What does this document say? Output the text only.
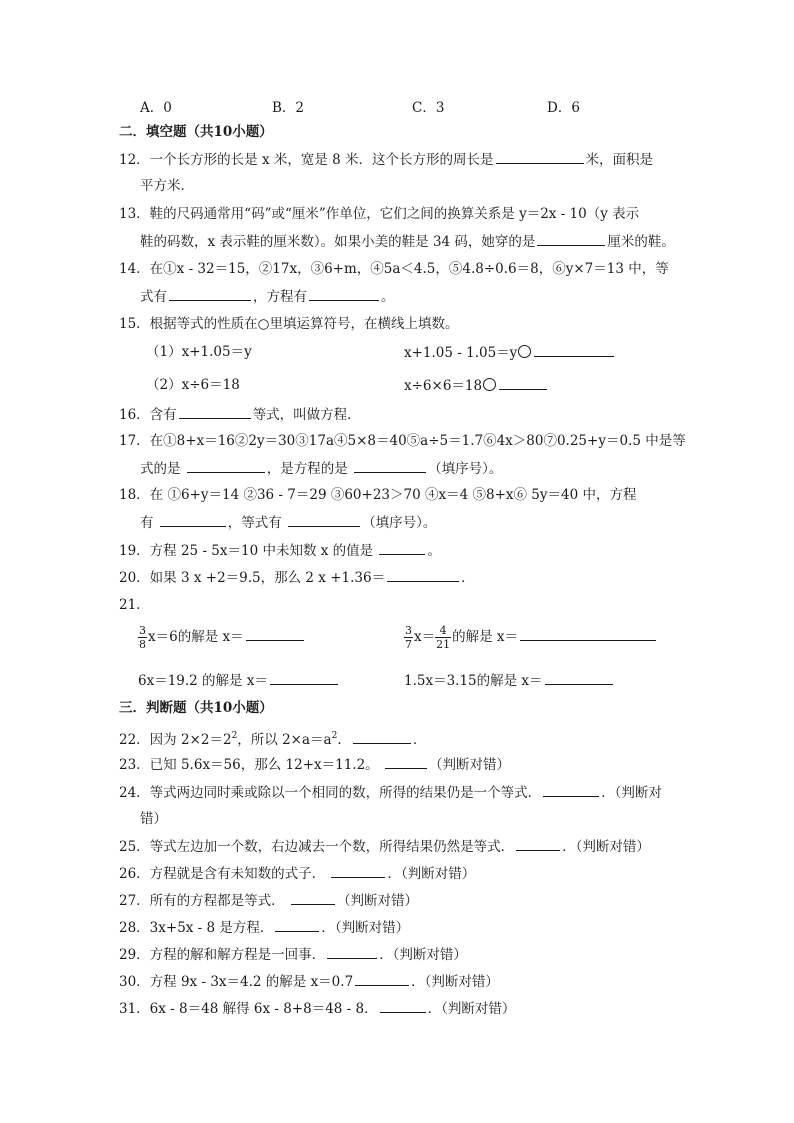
A．0	B．2	C．3	D．6
二．填空题（共10小题）
12．一个长方形的长是 x 米，宽是 8 米．这个长方形的周长是	米，面积是
平方米．
13．鞋的尺码通常用“码”或“厘米”作单位，它们之间的换算关系是 y＝2x - 10（y 表示
鞋的码数，x 表示鞋的厘米数）。如果小美的鞋是 34 码，她穿的是	厘米的鞋。
14．在①x - 32＝15，②17x，③6+m，④5a＜4.5，⑤4.8÷0.6＝8，⑥y×7＝13 中，等
式有	，方程有	。
15．根据等式的性质在○里填运算符号，在横线上填数。
（1）x+1.05＝y	x+1.05 - 1.05＝y
（2）x÷6＝18	x÷6×6＝18
16．含有	等式，叫做方程．
17．在①8+x＝16②2y＝30③17a④5×8＝40⑤a÷5＝1.7⑥4x＞80⑦0.25+y＝0.5 中是等
式的是	，是方程的是	（填序号）。
18．在 ①6+y＝14 ②36 - 7＝29 ③60+23＞70 ④x＝4 ⑤8+x⑥ 5y＝40 中，方程
有	，等式有	（填序号）。
19．方程 25 - 5x＝10 中未知数 x 的值是	。
20．如果 3 x +2＝9.5，那么 2 x +1.36＝	．
21．
$\frac{3}{8} x=6$的解是 x＝	$\frac{3}{7} x= \frac{4}{21}$ 的解是 x＝
6x＝19.2 的解是 x＝	1.5x＝3.15的解是 x＝
三．判断题（共10小题）
22．因为 $2\times 2=2^2$，所以 $2\times a=a^2$．	．
23．已知 5.6x＝56，那么 12+x＝11.2。	（判断对错）
24．等式两边同时乘或除以一个相同的数，所得的结果仍是一个等式．	．（判断对
错）
25．等式左边加一个数，右边减去一个数，所得结果仍然是等式．	．（判断对错）
26．方程就是含有未知数的式子．	．（判断对错）
27．所有的方程都是等式．	（判断对错）
28．3x+5x - 8 是方程．	．（判断对错）
29．方程的解和解方程是一回事．	．（判断对错）
30．方程 9x - 3x＝4.2 的解是 x＝0.7	．（判断对错）
31．6x - 8＝48 解得 6x - 8+8＝48 - 8．	．（判断对错）
